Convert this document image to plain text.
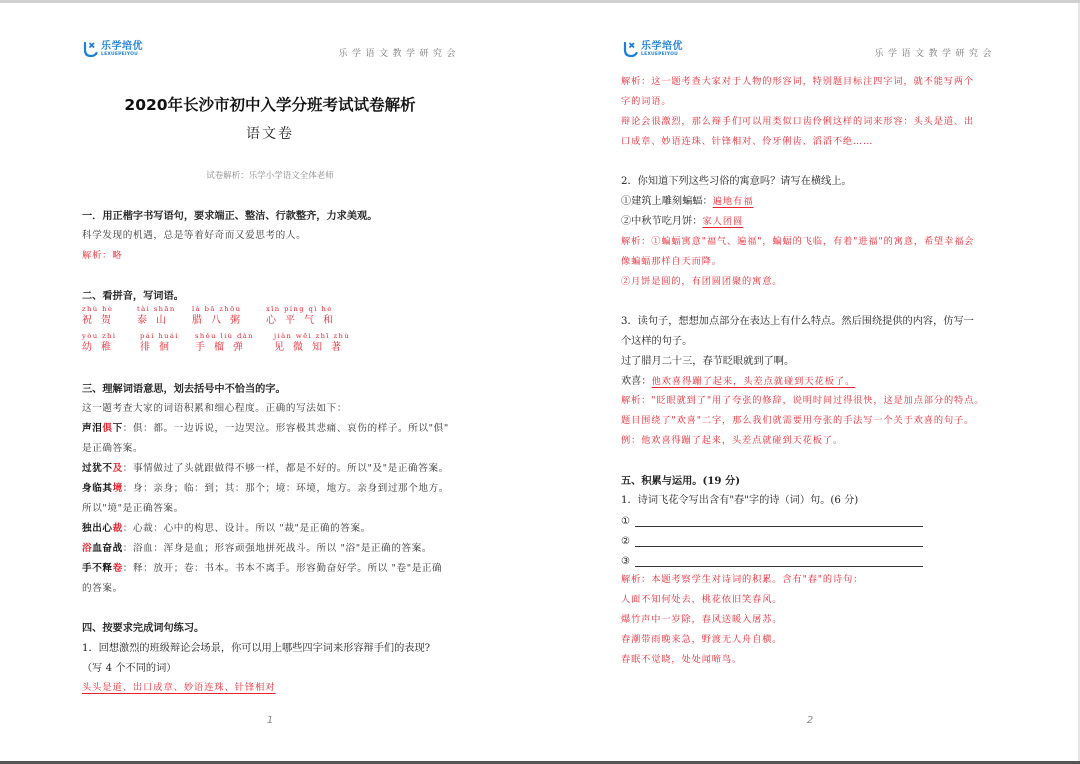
乐学培优
LEXUEPEIYOU	乐学语文教学研究会
2020年长沙市初中入学分班考试试卷解析
语文卷
试卷解析：乐学小学语文全体老师
一．用正楷字书写语句，要求端正、整洁、行款整齐，力求美观。
科学发现的机遇，总是等着好奇而又爱思考的人。
解析：略
二、看拼音，写词语。
zhù hè
祝贺
tài shān
泰山
là bā zhōu
腊八粥
xīn píng qì hé
心平气和
yòu zhì
幼稚
pái huái
徘徊
shǒu liú dàn
手榴弹
jiàn wēi zhī zhù
见微知著
三、理解词语意思，划去括号中不恰当的字。
这一题考查大家的词语积累和细心程度。正确的写法如下：
声泪俱下：俱：都。一边诉说，一边哭泣。形容极其悲痛、哀伤的样子。所以"俱"
是正确答案。
过犹不及：事情做过了头就跟做得不够一样，都是不好的。所以"及"是正确答案。
身临其境：身：亲身；临：到；其：那个；境：环境，地方。亲身到过那个地方。
所以"境"是正确答案。
独出心裁：心裁：心中的构思、设计。所以 "裁"是正确的答案。
浴血奋战：浴血：浑身是血；形容顽强地拼死战斗。所以 "浴"是正确的答案。
手不释卷：释：放开；卷：书本。书本不离手。形容勤奋好学。所以 "卷"是正确
的答案。
四、按要求完成词句练习。
1．回想激烈的班级辩论会场景，你可以用上哪些四字词来形容辩手们的表现?
（写 4 个不同的词）
头头是道、出口成章、妙语连珠、针锋相对
1
乐学培优
LEXUEPEIYOU	乐学语文教学研究会
解析：这一题考查大家对于人物的形容词，特别题目标注四字词，就不能写两个
字的词语。
辩论会很激烈，那么辩手们可以用类似口齿伶俐这样的词来形容：头头是道、出
口成章、妙语连珠、针锋相对、伶牙俐齿、滔滔不绝……
2．你知道下列这些习俗的寓意吗？请写在横线上。
①建筑上雕刻蝙蝠：遍地有福
②中秋节吃月饼：家人团圆
解析：①蝙蝠寓意"福气、遍福"，蝙蝠的飞临，有着"进福"的寓意，希望幸福会
像蝙蝠那样自天而降。
②月饼是圆的，有团圆团聚的寓意。
3．读句子，想想加点部分在表达上有什么特点。然后围绕提供的内容，仿写一
个这样的句子。
过了腊月二十三，春节眨眼就到了啊。
欢喜：他欢喜得蹦了起来，头差点就碰到天花板了。
解析："眨眼就到了"用了夸张的修辞，说明时间过得很快，这是加点部分的特点。
题目围绕了"欢喜"二字，那么我们就需要用夸张的手法写一个关于欢喜的句子。
例：他欢喜得蹦了起来，头差点就碰到天花板了。
五、积累与运用。(19 分)
1．诗词飞花令写出含有"春"字的诗（词）句。(6 分)
①
②
③
解析：本题考察学生对诗词的积累。含有"春"的诗句：
人面不知何处去，桃花依旧笑春风。
爆竹声中一岁除，春风送暖入屠苏。
春潮带雨晚来急，野渡无人舟自横。
春眠不觉晓，处处闻啼鸟。
2
